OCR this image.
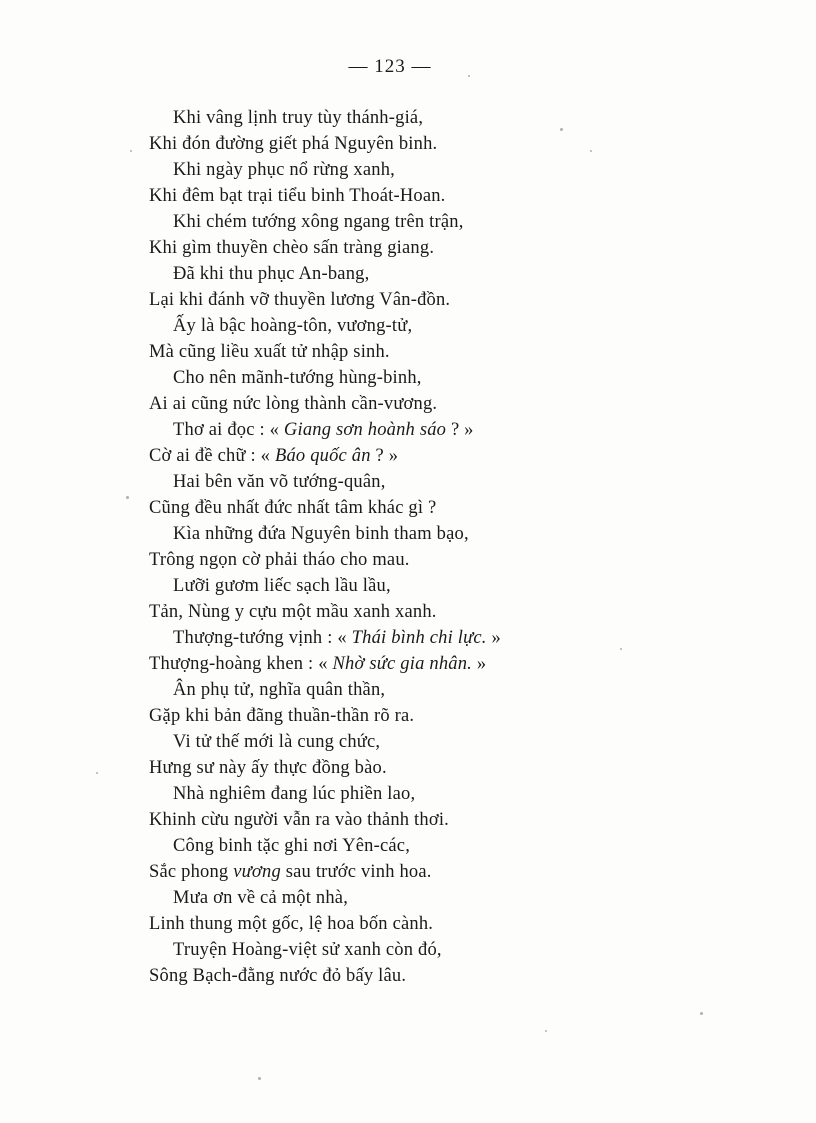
— 123 —
Khi vâng lịnh truy tùy thánh-giá,
Khi đón đường giết phá Nguyên binh.
Khi ngày phục nổ rừng xanh,
Khi đêm bạt trại tiểu binh Thoát-Hoan.
Khi chém tướng xông ngang trên trận,
Khi gìm thuyền chèo sấn tràng giang.
Đã khi thu phục An-bang,
Lại khi đánh vỡ thuyền lương Vân-đồn.
Ấy là bậc hoàng-tôn, vương-tử,
Mà cũng liều xuất tử nhập sinh.
Cho nên mãnh-tướng hùng-binh,
Ai ai cũng nức lòng thành cần-vương.
Thơ ai đọc : « Giang sơn hoành sáo ? »
Cờ ai đề chữ : « Báo quốc ân ? »
Hai bên văn võ tướng-quân,
Cũng đều nhất đức nhất tâm khác gì ?
Kìa những đứa Nguyên binh tham bạo,
Trông ngọn cờ phải tháo cho mau.
Lưỡi gươm liếc sạch lầu lầu,
Tản, Nùng y cựu một mầu xanh xanh.
Thượng-tướng vịnh : « Thái bình chi lực. »
Thượng-hoàng khen : « Nhờ sức gia nhân. »
Ân phụ tử, nghĩa quân thần,
Gặp khi bản đãng thuần-thần rõ ra.
Vi tử thế mới là cung chức,
Hưng sư này ấy thực đồng bào.
Nhà nghiêm đang lúc phiền lao,
Khinh cừu người vẫn ra vào thảnh thơi.
Công binh tặc ghi nơi Yên-các,
Sắc phong vương sau trước vinh hoa.
Mưa ơn về cả một nhà,
Linh thung một gốc, lệ hoa bốn cành.
Truyện Hoàng-việt sử xanh còn đó,
Sông Bạch-đằng nước đỏ bấy lâu.
